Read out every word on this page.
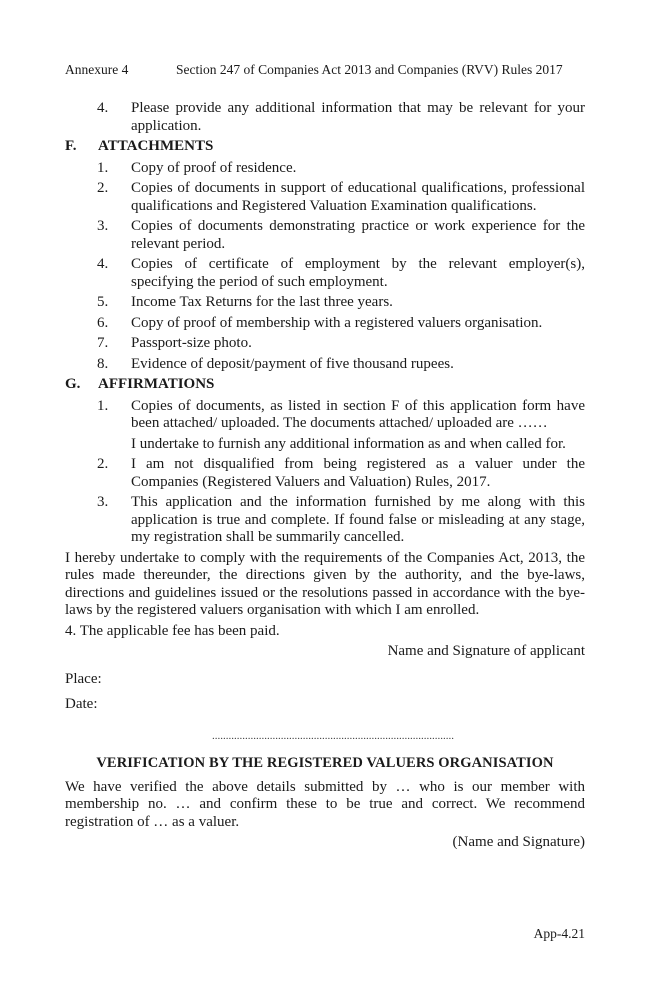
Annexure 4	Section 247 of Companies Act 2013 and Companies (RVV) Rules 2017
4. Please provide any additional information that may be relevant for your application.
F. ATTACHMENTS
1. Copy of proof of residence.
2. Copies of documents in support of educational qualifications, professional qualifications and Registered Valuation Examination qualifications.
3. Copies of documents demonstrating practice or work experience for the relevant period.
4. Copies of certificate of employment by the relevant employer(s), specifying the period of such employment.
5. Income Tax Returns for the last three years.
6. Copy of proof of membership with a registered valuers organisation.
7. Passport-size photo.
8. Evidence of deposit/payment of five thousand rupees.
G. AFFIRMATIONS
1. Copies of documents, as listed in section F of this application form have been attached/ uploaded. The documents attached/ uploaded are ……
I undertake to furnish any additional information as and when called for.
2. I am not disqualified from being registered as a valuer under the Companies (Registered Valuers and Valuation) Rules, 2017.
3. This application and the information furnished by me along with this application is true and complete. If found false or misleading at any stage, my registration shall be summarily cancelled.
I hereby undertake to comply with the requirements of the Companies Act, 2013, the rules made thereunder, the directions given by the authority, and the bye-laws, directions and guidelines issued or the resolutions passed in accordance with the bye-laws by the registered valuers organisation with which I am enrolled.
4. The applicable fee has been paid.
Name and Signature of applicant
Place:
Date:
........................................................................................
VERIFICATION BY THE REGISTERED VALUERS ORGANISATION
We have verified the above details submitted by … who is our member with membership no. … and confirm these to be true and correct. We recommend registration of … as a valuer.
(Name and Signature)
App-4.21
